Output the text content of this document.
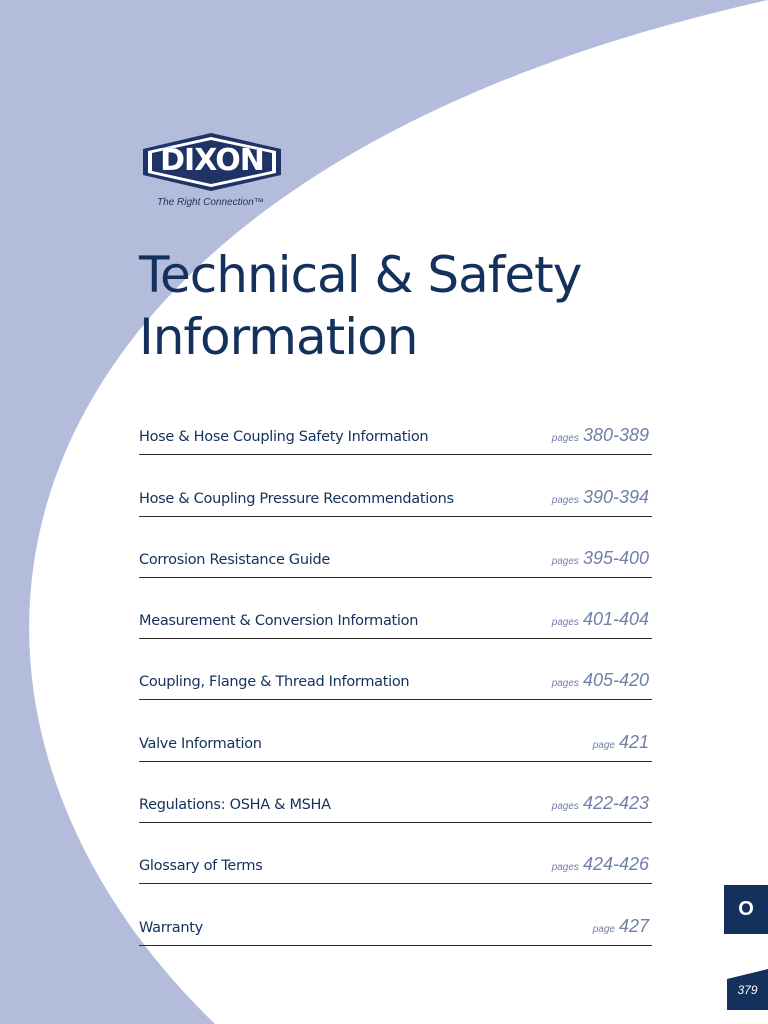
DIXON
The Right Connection™
Technical & Safety
Information
Hose & Hose Coupling Safety Information	pages 380-389
Hose & Coupling Pressure Recommendations	pages 390-394
Corrosion Resistance Guide	pages 395-400
Measurement & Conversion Information	pages 401-404
Coupling, Flange & Thread Information	pages 405-420
Valve Information	page 421
Regulations: OSHA & MSHA	pages 422-423
Glossary of Terms	pages 424-426
Warranty	page 427
O
379
